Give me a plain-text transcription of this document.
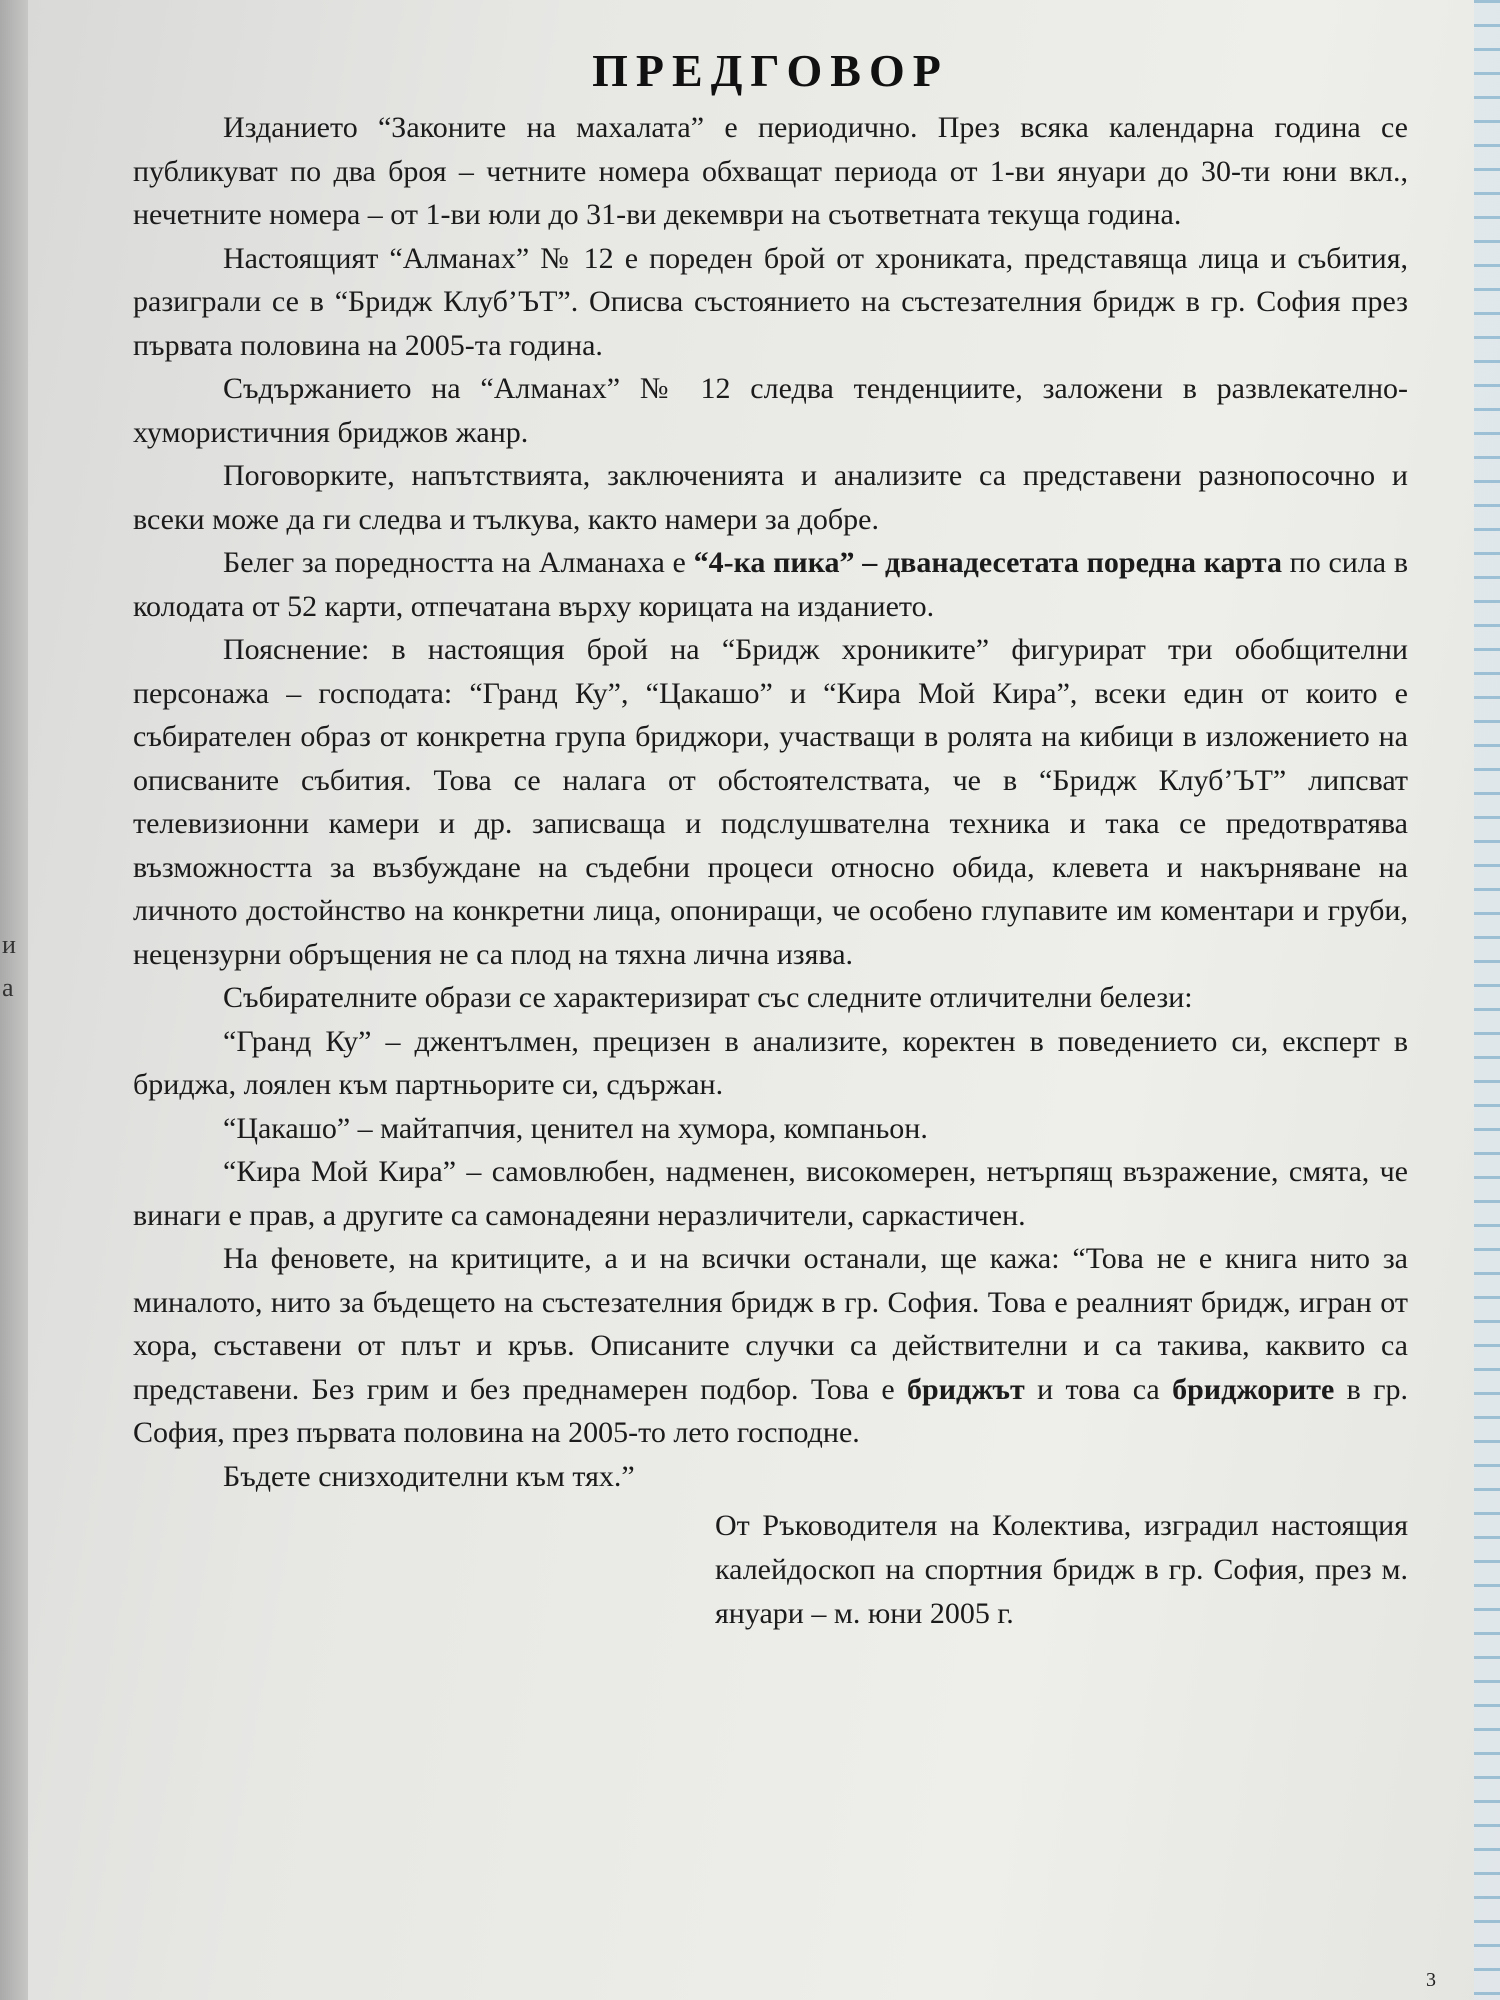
и
а
ПРЕДГОВОР

Изданието “Законите на махалата” е периодично. През всяка календарна година се публикуват по два броя – четните номера обхващат периода от 1-ви януари до 30-ти юни вкл., нечетните номера – от 1-ви юли до 31-ви декември на съответната текуща година.

Настоящият “Алманах” № 12 е пореден брой от хрониката, представяща лица и събития, разиграли се в “Бридж Клуб’ЪТ”. Описва състоянието на състезателния бридж в гр. София през първата половина на 2005-та година.

Съдържанието на “Алманах” № 12 следва тенденциите, заложени в развлекателно-хумористичния бриджов жанр.

Поговорките, напътствията, заключенията и анализите са представени разнопосочно и всеки може да ги следва и тълкува, както намери за добре.

Белег за поредността на Алманаха е “4-ка пика” – дванадесетата поредна карта по сила в колодата от 52 карти, отпечатана върху корицата на изданието.

Пояснение: в настоящия брой на “Бридж хрониките” фигурират три обобщителни персонажа – господата: “Гранд Ку”, “Цакашо” и “Кира Мой Кира”, всеки един от които е събирателен образ от конкретна група бриджори, участващи в ролята на кибици в изложението на описваните събития. Това се налага от обстоятелствата, че в “Бридж Клуб’ЪТ” липсват телевизионни камери и др. записваща и подслушвателна техника и така се предотвратява възможността за възбуждане на съдебни процеси относно обида, клевета и накърняване на личното достойнство на конкретни лица, опониращи, че особено глупавите им коментари и груби, нецензурни обръщения не са плод на тяхна лична изява.

Събирателните образи се характеризират със следните отличителни белези:

“Гранд Ку” – джентълмен, прецизен в анализите, коректен в поведението си, експерт в бриджа, лоялен към партньорите си, сдържан.

“Цакашо” – майтапчия, ценител на хумора, компаньон.

“Кира Мой Кира” – самовлюбен, надменен, високомерен, нетърпящ възражение, смята, че винаги е прав, а другите са самонадеяни неразличители, саркастичен.

На феновете, на критиците, а и на всички останали, ще кажа: “Това не е книга нито за миналото, нито за бъдещето на състезателния бридж в гр. София. Това е реалният бридж, игран от хора, съставени от плът и кръв. Описаните случки са действителни и са такива, каквито са представени. Без грим и без преднамерен подбор. Това е бриджът и това са бриджорите в гр. София, през първата половина на 2005-то лето господне.

Бъдете снизходителни към тях.”

От Ръководителя на Колектива, изградил настоящия калейдоскоп на спортния бридж в гр. София, през м. януари – м. юни 2005 г.
3
